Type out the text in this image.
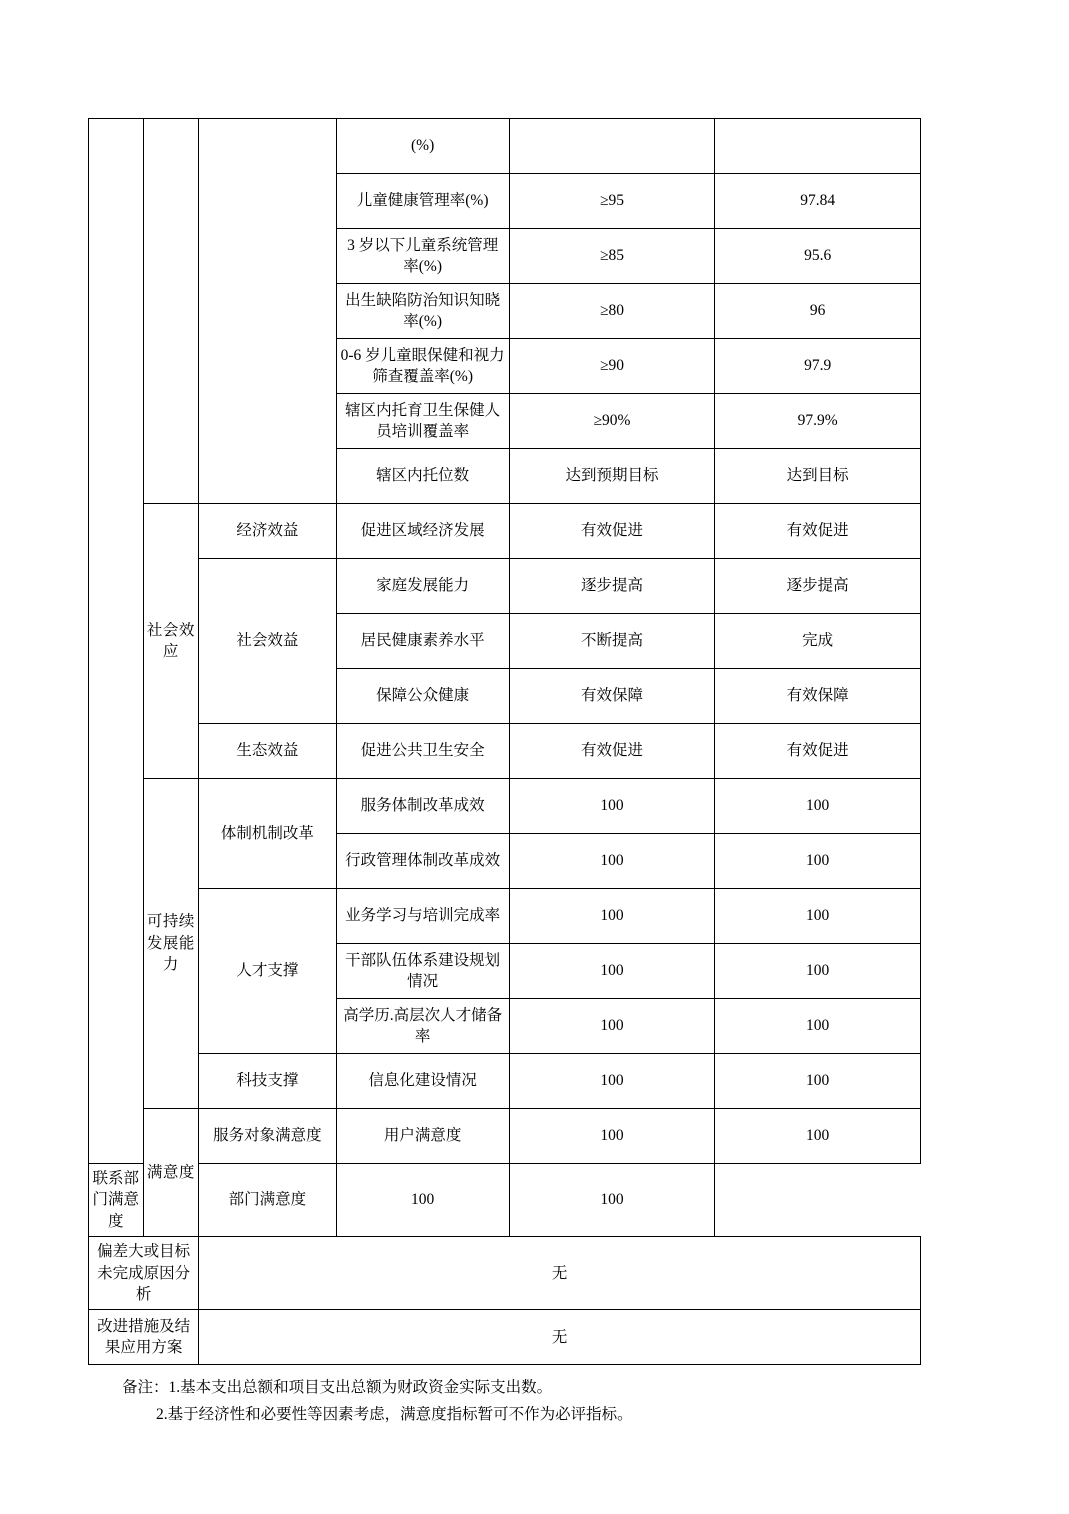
			(%)		
			儿童健康管理率(%)	≥95	97.84
			3 岁以下儿童系统管理率(%)	≥85	95.6
			出生缺陷防治知识知晓率(%)	≥80	96
			0-6 岁儿童眼保健和视力筛查覆盖率(%)	≥90	97.9
			辖区内托育卫生保健人员培训覆盖率	≥90%	97.9%
			辖区内托位数	达到预期目标	达到目标
	社会效应	经济效益	促进区域经济发展	有效促进	有效促进
		社会效益	家庭发展能力	逐步提高	逐步提高
			居民健康素养水平	不断提高	完成
			保障公众健康	有效保障	有效保障
		生态效益	促进公共卫生安全	有效促进	有效促进
	可持续发展能力	体制机制改革	服务体制改革成效	100	100
			行政管理体制改革成效	100	100
		人才支撑	业务学习与培训完成率	100	100
			干部队伍体系建设规划情况	100	100
			高学历.高层次人才储备率	100	100
		科技支撑	信息化建设情况	100	100
	满意度	服务对象满意度	用户满意度	100	100
联系部门满意度		部门满意度	100	100	
偏差大或目标未完成原因分析		无			
改进措施及结果应用方案		无			
备注：1.基本支出总额和项目支出总额为财政资金实际支出数。
2.基于经济性和必要性等因素考虑，满意度指标暂可不作为必评指标。
